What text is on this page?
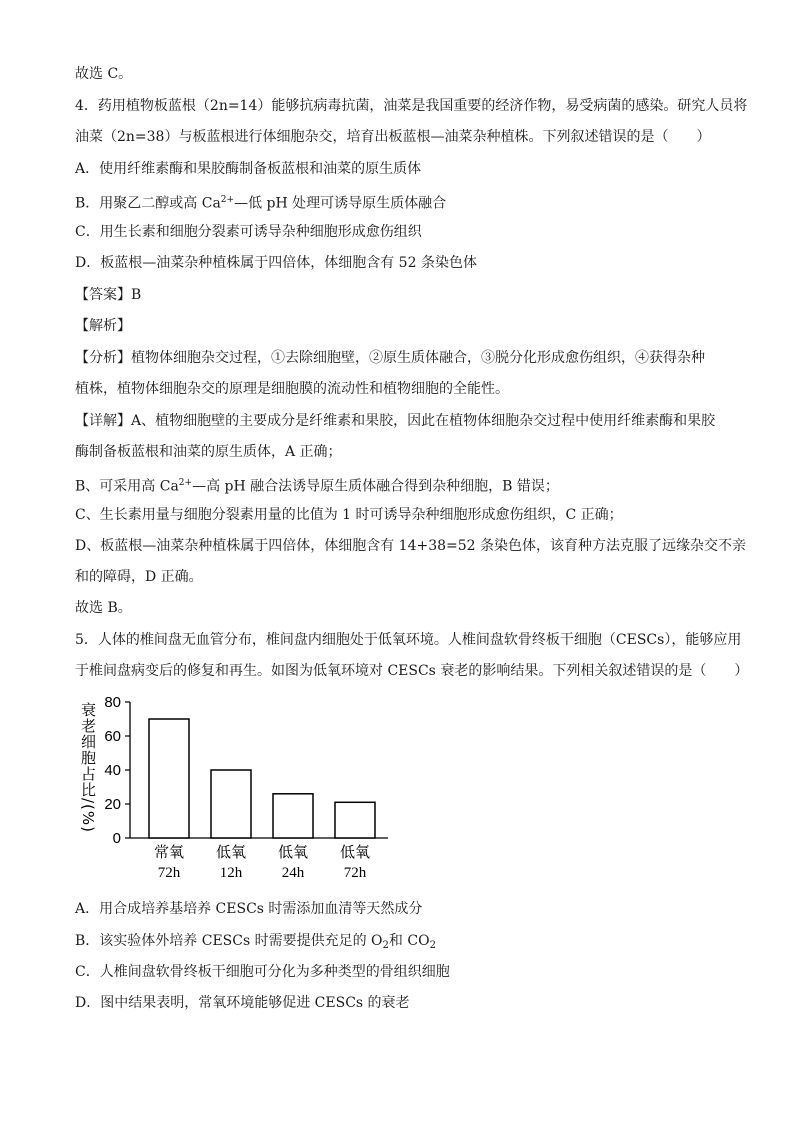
故选 C。
4．药用植物板蓝根（2n=14）能够抗病毒抗菌，油菜是我国重要的经济作物，易受病菌的感染。研究人员将
油菜（2n=38）与板蓝根进行体细胞杂交，培育出板蓝根—油菜杂种植株。下列叙述错误的是（　　）
A．使用纤维素酶和果胶酶制备板蓝根和油菜的原生质体
B．用聚乙二醇或高 $Ca^{2+}—$低 pH 处理可诱导原生质体融合
C．用生长素和细胞分裂素可诱导杂种细胞形成愈伤组织
D．板蓝根—油菜杂种植株属于四倍体，体细胞含有 52 条染色体
【答案】B
【解析】
【分析】植物体细胞杂交过程，①去除细胞壁，②原生质体融合，③脱分化形成愈伤组织，④获得杂种
植株，植物体细胞杂交的原理是细胞膜的流动性和植物细胞的全能性。
【详解】A、植物细胞壁的主要成分是纤维素和果胶，因此在植物体细胞杂交过程中使用纤维素酶和果胶
酶制备板蓝根和油菜的原生质体，A 正确；
B、可采用高 $Ca^{2+}—$高 pH 融合法诱导原生质体融合得到杂种细胞，B 错误；
C、生长素用量与细胞分裂素用量的比值为 1 时可诱导杂种细胞形成愈伤组织，C 正确；
D、板蓝根—油菜杂种植株属于四倍体，体细胞含有 14+38=52 条染色体，该育种方法克服了远缘杂交不亲
和的障碍，D 正确。
故选 B。
5．人体的椎间盘无血管分布，椎间盘内细胞处于低氧环境。人椎间盘软骨终板干细胞（CESCs），能够应用
于椎间盘病变后的修复和再生。如图为低氧环境对 CESCs 衰老的影响结果。下列相关叙述错误的是（　　）
0
20
40
60
80
衰老细胞占比/(%)
常氧
72h
低氧
12h
低氧
24h
低氧
72h
A．用合成培养基培养 CESCs 时需添加血清等天然成分
B．该实验体外培养 CESCs 时需要提供充足的 $O_2$和 $CO_2$
C．人椎间盘软骨终板干细胞可分化为多种类型的骨组织细胞
D．图中结果表明，常氧环境能够促进 CESCs 的衰老
